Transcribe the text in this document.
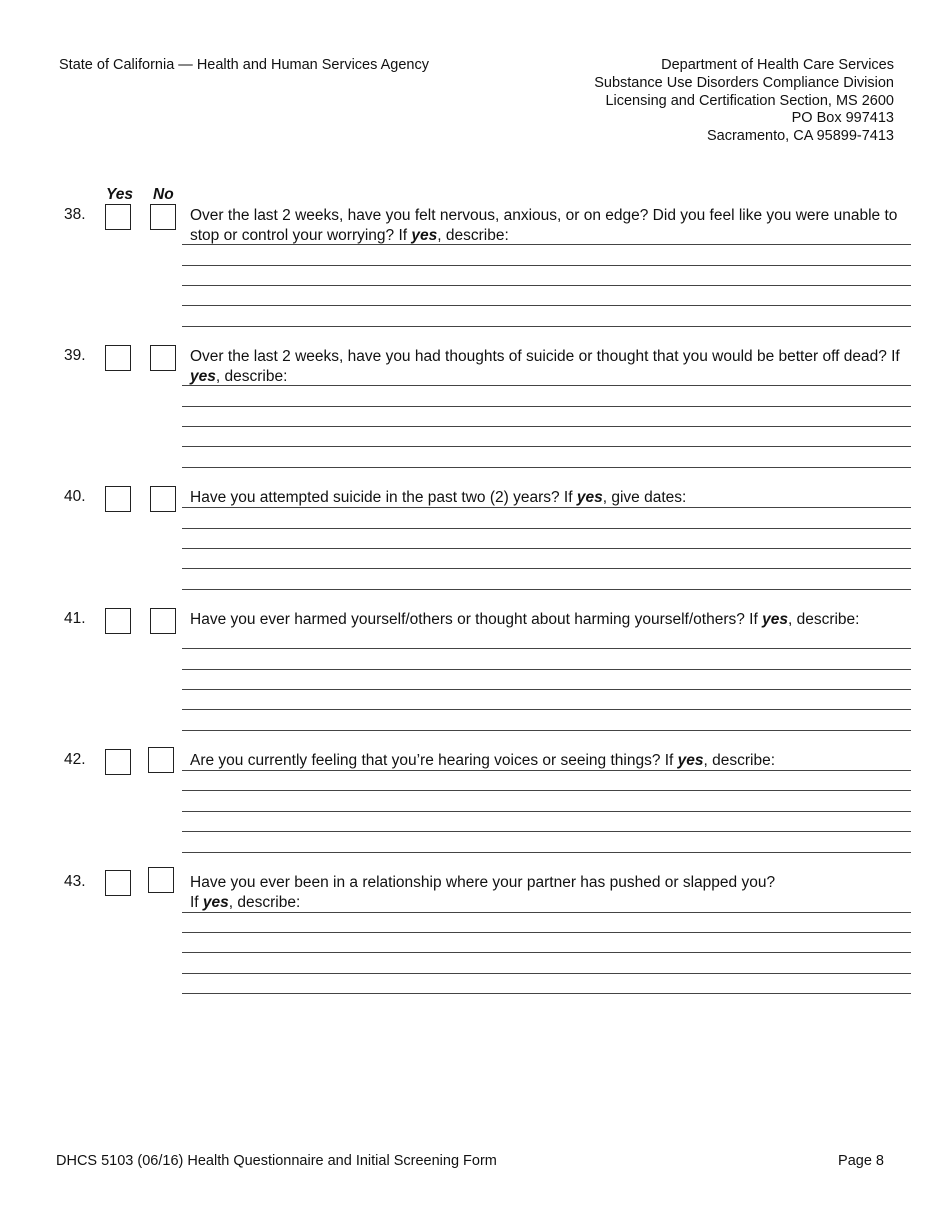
State of California — Health and Human Services Agency	Department of Health Care Services
Substance Use Disorders Compliance Division
Licensing and Certification Section, MS 2600
PO Box 997413
Sacramento, CA 95899-7413
Yes No
38.	Over the last 2 weeks, have you felt nervous, anxious, or on edge? Did you feel like you were unable to stop or control your worrying? If yes, describe:
39.	Over the last 2 weeks, have you had thoughts of suicide or thought that you would be better off dead? If yes, describe:
40.	Have you attempted suicide in the past two (2) years? If yes, give dates:
41.	Have you ever harmed yourself/others or thought about harming yourself/others? If yes, describe:
42.	Are you currently feeling that you’re hearing voices or seeing things? If yes, describe:
43.	Have you ever been in a relationship where your partner has pushed or slapped you?
If yes, describe:
DHCS 5103 (06/16) Health Questionnaire and Initial Screening Form	Page 8
